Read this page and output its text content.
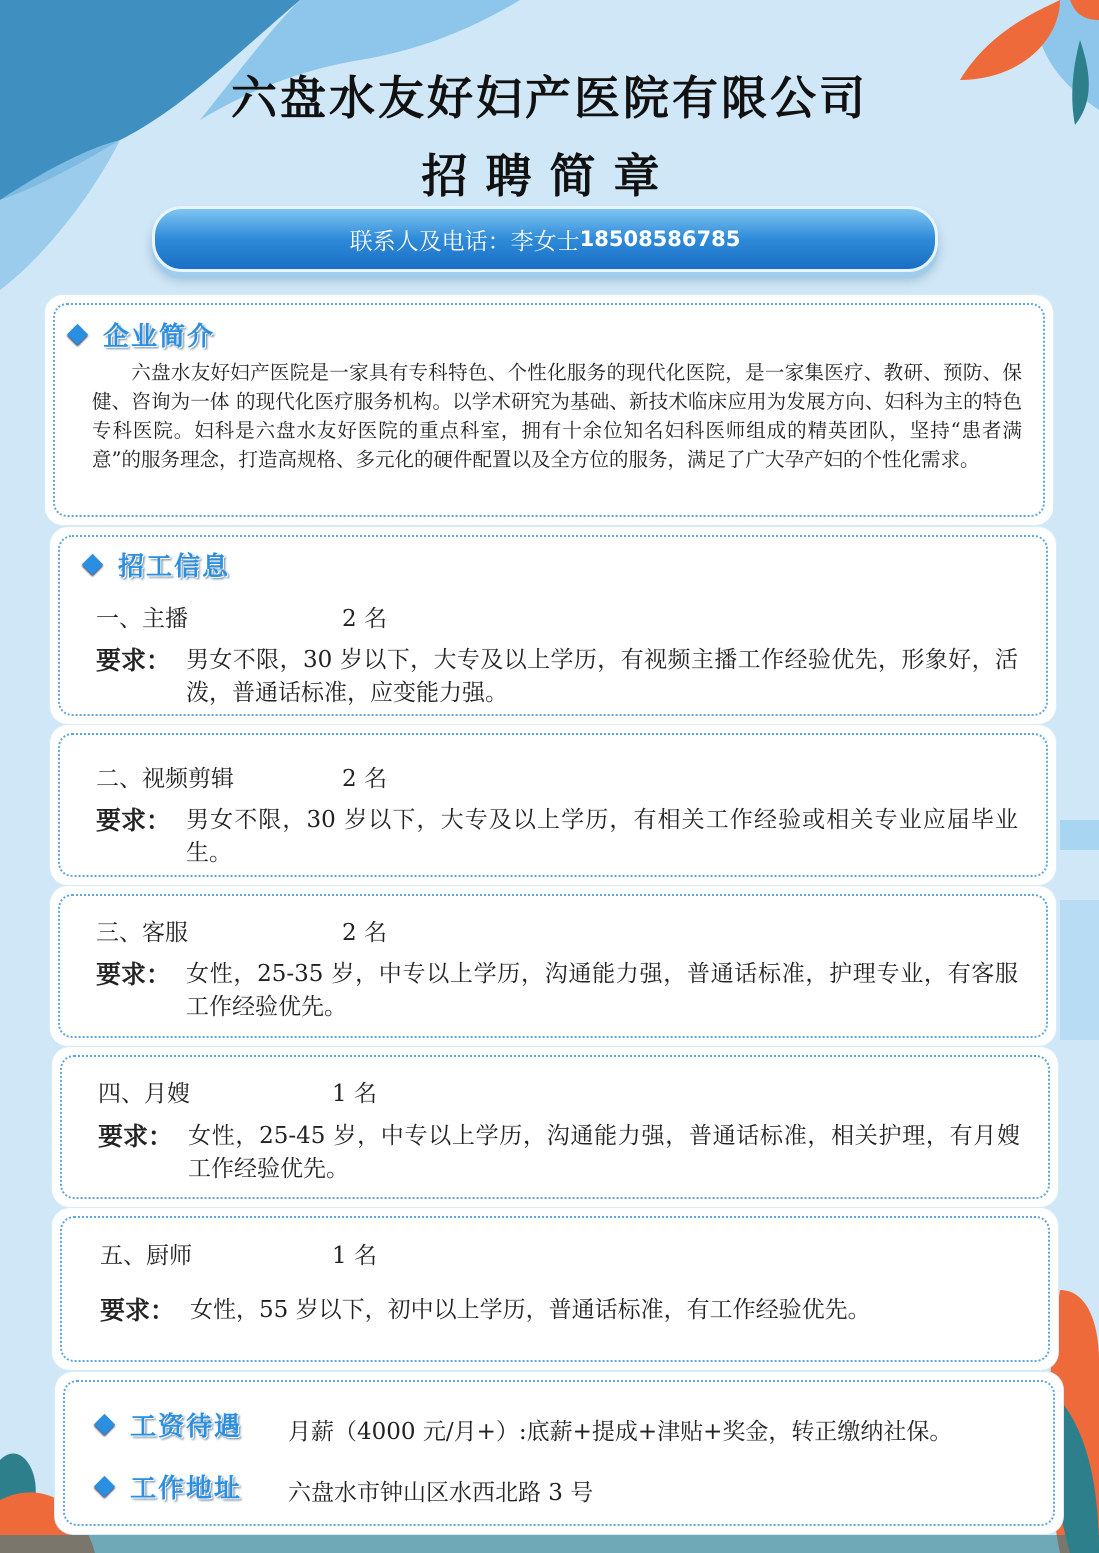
六盘水友好妇产医院有限公司
招聘简章
联系人及电话：李女士 18508586785
企业简介
  六盘水友好妇产医院是一家具有专科特色、个性化服务的现代化医院，是一家集医疗、教研、预防、保健、咨询为一体 的现代化医疗服务机构。以学术研究为基础、新技术临床应用为发展方向、妇科为主的特色专科医院。妇科是六盘水友好医院的重点科室，拥有十余位知名妇科医师组成的精英团队，坚持“患者满意”的服务理念，打造高规格、多元化的硬件配置以及全方位的服务，满足了广大孕产妇的个性化需求。
招工信息
一、主播	2 名
要求： 男女不限，30 岁以下，大专及以上学历，有视频主播工作经验优先，形象好，活泼，普通话标准，应变能力强。
二、视频剪辑	2 名
要求： 男女不限，30 岁以下，大专及以上学历，有相关工作经验或相关专业应届毕业生。
三、客服	2 名
要求： 女性，25-35 岁，中专以上学历，沟通能力强，普通话标准，护理专业，有客服工作经验优先。
四、月嫂	1 名
要求： 女性，25-45 岁，中专以上学历，沟通能力强，普通话标准，相关护理，有月嫂工作经验优先。
五、厨师	1 名
要求： 女性，55 岁以下，初中以上学历，普通话标准，有工作经验优先。
工资待遇 月薪（4000 元/月+）:底薪+提成+津贴+奖金，转正缴纳社保。
工作地址 六盘水市钟山区水西北路 3 号
